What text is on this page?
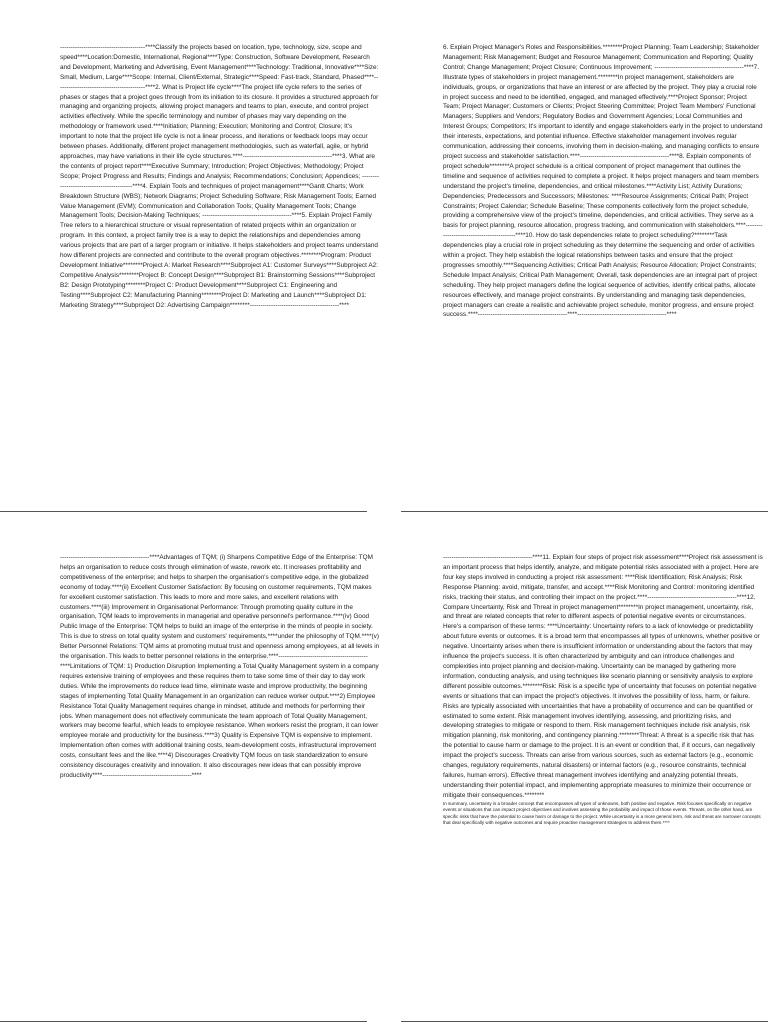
----------------------------------------****Classify the projects based on location, type, technology, size, scope and speed****Location:Domestic, International, Regional****Type: Construction, Software Development, Research and Development, Marketing and Advertising, Event Management****Technology: Traditional, Innovative****Size: Small, Medium, Large****Scope: Internal, Client/External, Strategic****Speed: Fast-track, Standard, Phased****------------------------------------------****2. What is Project life cycle****The project life cycle refers to the series of phases or stages that a project goes through from its initiation to its closure. It provides a structured approach for managing and organizing projects, allowing project managers and teams to plan, execute, and control project activities effectively. While the specific terminology and number of phases may vary depending on the methodology or framework used.****Initiation; Planning; Execution; Monitoring and Control; Closure; It's important to note that the project life cycle is not a linear process, and iterations or feedback loops may occur between phases. Additionally, different project management methodologies, such as waterfall, agile, or hybrid approaches, may have variations in their life cycle structures.****------------------------------------------****3. What are the contents of project report****Executive Summary; Introduction; Project Objectives; Methodology; Project Scope; Project Progress and Results; Findings and Analysis; Recommendations; Conclusion; Appendices; ------------------------------------------****4. Explain Tools and techniques of project management****Gantt Charts; Work Breakdown Structure (WBS); Network Diagrams; Project Scheduling Software; Risk Management Tools; Earned Value Management (EVM); Communication and Collaboration Tools; Quality Management Tools; Change Management Tools; Decision-Making Techniques; ------------------------------------------****5. Explain Project Family Tree refers to a hierarchical structure or visual representation of related projects within an organization or program. In this context, a project family tree is a way to depict the relationships and dependencies among various projects that are part of a larger program or initiative. It helps stakeholders and project teams understand how different projects are connected and contribute to the overall program objectives.********Program: Product Development Initiative********Project A: Market Research****Subproject A1: Customer Surveys****Subproject A2: Competitive Analysis********Project B: Concept Design****Subproject B1: Brainstorming Sessions****Subproject B2: Design Prototyping********Project C: Product Development****Subproject C1: Engineering and Testing****Subproject C2: Manufacturing Planning********Project D: Marketing and Launch****Subproject D1: Marketing Strategy****Subproject D2: Advertising Campaign********------------------------------------------****

6. Explain Project Manager's Roles and Responsibilities.********Project Planning; Team Leadership; Stakeholder Management; Risk Management; Budget and Resource Management; Communication and Reporting; Quality Control; Change Management; Project Closure; Continuous Improvement; ------------------------------------------****7. Illustrate types of stakeholders in project management.********In project management, stakeholders are individuals, groups, or organizations that have an interest or are affected by the project. They play a crucial role in project success and need to be identified, engaged, and managed effectively.****Project Sponsor; Project Team; Project Manager; Customers or Clients; Project Steering Committee; Project Team Members' Functional Managers; Suppliers and Vendors; Regulatory Bodies and Government Agencies; Local Communities and Interest Groups; Competitors; It's important to identify and engage stakeholders early in the project to understand their interests, expectations, and potential influence. Effective stakeholder management involves regular communication, addressing their concerns, involving them in decision-making, and managing conflicts to ensure project success and stakeholder satisfaction.****------------------------------------------****8. Explain components of project schedule********A project schedule is a critical component of project management that outlines the timeline and sequence of activities required to complete a project. It helps project managers and team members understand the project's timeline, dependencies, and critical milestones.****Activity List; Activity Durations; Dependencies; Predecessors and Successors; Milestones: ****Resource Assignments; Critical Path; Project Constraints; Project Calendar; Schedule Baseline; These components collectively form the project schedule, providing a comprehensive view of the project's timeline, dependencies, and critical activities. They serve as a basis for project planning, resource allocation, progress tracking, and communication with stakeholders.****------------------------------------------****10. How do task dependencies relate to project scheduling?********Task dependencies play a crucial role in project scheduling as they determine the sequencing and order of activities within a project. They help establish the logical relationships between tasks and ensure that the project progresses smoothly.****Sequencing Activities; Critical Path Analysis; Resource Allocation; Project Constraints; Schedule Impact Analysis; Critical Path Management; Overall, task dependencies are an integral part of project scheduling. They help project managers define the logical sequence of activities, identify critical paths, allocate resources effectively, and manage project constraints. By understanding and managing task dependencies, project managers can create a realistic and achievable project schedule, monitor progress, and ensure project success.****------------------------------------------****------------------------------------------****

------------------------------------------****Advantages of TQM; (i) Sharpens Competitive Edge of the Enterprise: TQM helps an organisation to reduce costs through elimination of waste, rework etc. It increases profitability and competitiveness of the enterprise; and helps to sharpen the organisation's competitive edge, in the globalized economy of today.****(ii) Excellent Customer Satisfaction: By focusing on customer requirements, TQM makes for excellent customer satisfaction. This leads to more and more sales, and excellent relations with customers.****(iii) Improvement in Organisational Performance: Through promoting quality culture in the organisation, TQM leads to improvements in managerial and operative personnel's performance.****(iv) Good Public Image of the Enterprise: TQM helps to build an image of the enterprise in the minds of people in society. This is due to stress on total quality system and customers' requirements,****under the philosophy of TQM.****(v) Better Personnel Relations: TQM aims at promoting mutual trust and openness among employees, at all levels in the organisation. This leads to better personnel relations in the enterprise.****------------------------------------------****Limitations of TQM: 1) Production Disruption Implementing a Total Quality Management system in a company requires extensive training of employees and these requires them to take some time of their day to day work duties. While the improvements do reduce lead time, eliminate waste and improve productivity, the beginning stages of implementing Total Quality Management in an organization can reduce worker output.****2) Employee Resistance Total Quality Management requires change in mindset, attitude and methods for performing their jobs. When management does not effectively communicate the team approach of Total Quality Management, workers may become fearful, which leads to employee resistance. When workers resist the program, it can lower employee morale and productivity for the business.****3) Quality is Expensive TQM is expensive to implement. Implementation often comes with additional training costs, team-development costs, infrastructural improvement costs, consultant fees and the like.****4) Discourages Creativity TQM focus on task standardization to ensure consistency discourages creativity and innovation. It also discourages new ideas that can possibly improve productivity****------------------------------------------****

------------------------------------------****11. Explain four steps of project risk assessment****Project risk assessment is an important process that helps identify, analyze, and mitigate potential risks associated with a project. Here are four key steps involved in conducting a project risk assessment: ****Risk Identification; Risk Analysis; Risk Response Planning: avoid, mitigate, transfer, and accept.****Risk Monitoring and Control: monitoring identified risks, tracking their status, and controlling their impact on the project.****------------------------------------------****12. Compare Uncertainty, Risk and Threat in project management********In project management, uncertainty, risk, and threat are related concepts that refer to different aspects of potential negative events or circumstances. Here's a comparison of these terms: ****Uncertainty: Uncertainty refers to a lack of knowledge or predictability about future events or outcomes. It is a broad term that encompasses all types of unknowns, whether positive or negative. Uncertainty arises when there is insufficient information or understanding about the factors that may influence the project's success. It is often characterized by ambiguity and can introduce challenges and complexities into project planning and decision-making. Uncertainty can be managed by gathering more information, conducting analysis, and using techniques like scenario planning or sensitivity analysis to explore different possible outcomes.********Risk: Risk is a specific type of uncertainty that focuses on potential negative events or situations that can impact the project's objectives. It involves the possibility of loss, harm, or failure. Risks are typically associated with uncertainties that have a probability of occurrence and can be quantified or estimated to some extent. Risk management involves identifying, assessing, and prioritizing risks, and developing strategies to mitigate or respond to them. Risk management techniques include risk analysis, risk mitigation planning, risk monitoring, and contingency planning.********Threat: A threat is a specific risk that has the potential to cause harm or damage to the project. It is an event or condition that, if it occurs, can negatively impact the project's success. Threats can arise from various sources, such as external factors (e.g., economic changes, regulatory requirements, natural disasters) or internal factors (e.g., resource constraints, technical failures, human errors). Effective threat management involves identifying and analyzing potential threats, understanding their potential impact, and implementing appropriate measures to minimize their occurrence or mitigate their consequences.********

In summary, uncertainty is a broader concept that encompasses all types of unknowns, both positive and negative. Risk focuses specifically on negative events or situations that can impact project objectives and involves assessing the probability and impact of those events. Threats, on the other hand, are specific risks that have the potential to cause harm or damage to the project. While uncertainty is a more general term, risk and threat are narrower concepts that deal specifically with negative outcomes and require proactive management strategies to address them.****
